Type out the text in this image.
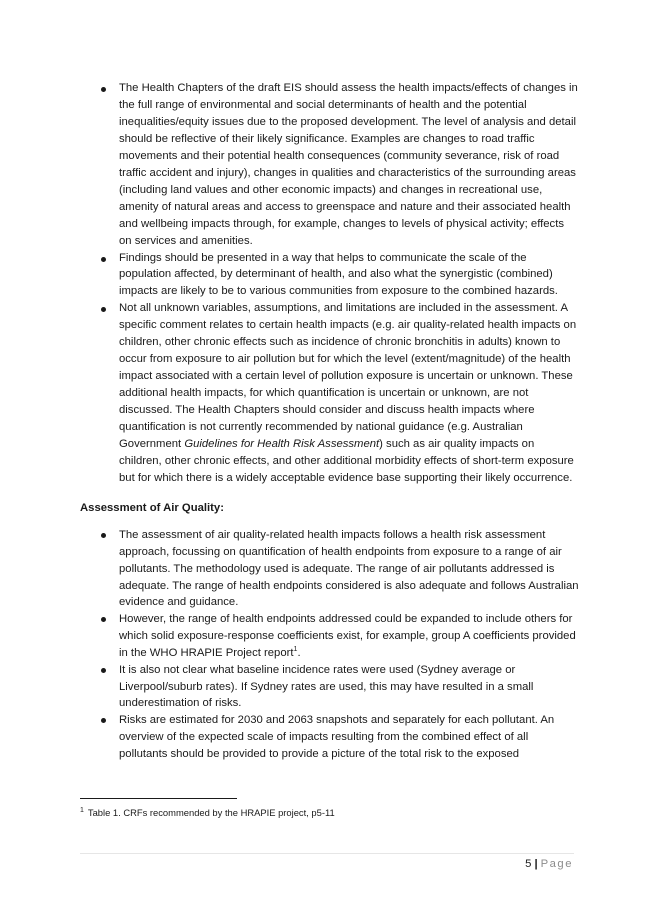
The Health Chapters of the draft EIS should assess the health impacts/effects of changes in the full range of environmental and social determinants of health and the potential inequalities/equity issues due to the proposed development. The level of analysis and detail should be reflective of their likely significance. Examples are changes to road traffic movements and their potential health consequences (community severance, risk of road traffic accident and injury), changes in qualities and characteristics of the surrounding areas (including land values and other economic impacts) and changes in recreational use, amenity of natural areas and access to greenspace and nature and their associated health and wellbeing impacts through, for example, changes to levels of physical activity; effects on services and amenities.
Findings should be presented in a way that helps to communicate the scale of the population affected, by determinant of health, and also what the synergistic (combined) impacts are likely to be to various communities from exposure to the combined hazards.
Not all unknown variables, assumptions, and limitations are included in the assessment. A specific comment relates to certain health impacts (e.g. air quality-related health impacts on children, other chronic effects such as incidence of chronic bronchitis in adults) known to occur from exposure to air pollution but for which the level (extent/magnitude) of the health impact associated with a certain level of pollution exposure is uncertain or unknown. These additional health impacts, for which quantification is uncertain or unknown, are not discussed. The Health Chapters should consider and discuss health impacts where quantification is not currently recommended by national guidance (e.g. Australian Government Guidelines for Health Risk Assessment) such as air quality impacts on children, other chronic effects, and other additional morbidity effects of short-term exposure but for which there is a widely acceptable evidence base supporting their likely occurrence.
Assessment of Air Quality:
The assessment of air quality-related health impacts follows a health risk assessment approach, focussing on quantification of health endpoints from exposure to a range of air pollutants. The methodology used is adequate. The range of air pollutants addressed is adequate. The range of health endpoints considered is also adequate and follows Australian evidence and guidance.
However, the range of health endpoints addressed could be expanded to include others for which solid exposure-response coefficients exist, for example, group A coefficients provided in the WHO HRAPIE Project report$^1$.
It is also not clear what baseline incidence rates were used (Sydney average or Liverpool/suburb rates). If Sydney rates are used, this may have resulted in a small underestimation of risks.
Risks are estimated for 2030 and 2063 snapshots and separately for each pollutant. An overview of the expected scale of impacts resulting from the combined effect of all pollutants should be provided to provide a picture of the total risk to the exposed
$^1$ Table 1. CRFs recommended by the HRAPIE project, p5-11
5 | Page
